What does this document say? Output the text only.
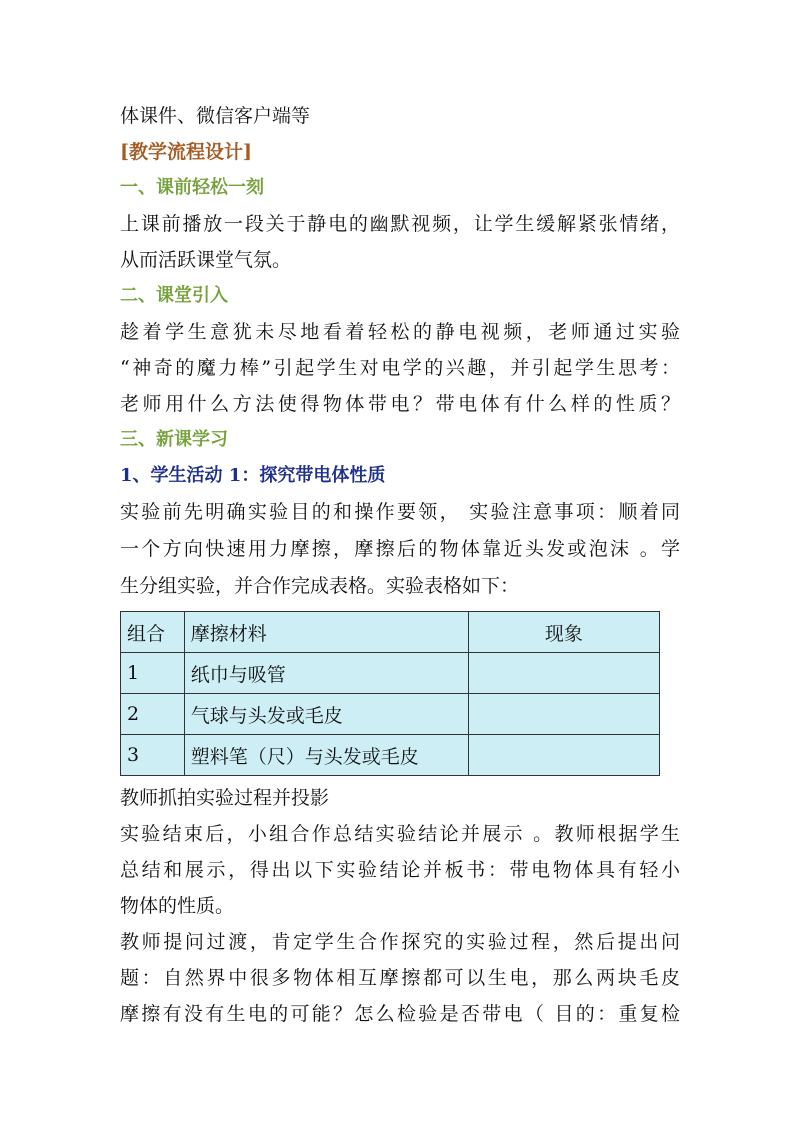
体课件、微信客户端等
[教学流程设计]
一、课前轻松一刻
上课前播放一段关于静电的幽默视频，让学生缓解紧张情绪，
从而活跃课堂气氛。
二、课堂引入
趁着学生意犹未尽地看着轻松的静电视频，老师通过实验
“神奇的魔力棒”引起学生对电学的兴趣，并引起学生思考：
老师用什么方法使得物体带电？带电体有什么样的性质？
三、新课学习
1、学生活动 1：探究带电体性质
实验前先明确实验目的和操作要领， 实验注意事项：顺着同
一个方向快速用力摩擦，摩擦后的物体靠近头发或泡沫 。学
生分组实验，并合作完成表格。实验表格如下：
组合	摩擦材料	现象
1	纸巾与吸管	
2	气球与头发或毛皮	
3	塑料笔（尺）与头发或毛皮	
教师抓拍实验过程并投影
实验结束后，小组合作总结实验结论并展示 。教师根据学生
总结和展示，得出以下实验结论并板书：带电物体具有轻小
物体的性质。
教师提问过渡，肯定学生合作探究的实验过程，然后提出问
题：自然界中很多物体相互摩擦都可以生电，那么两块毛皮
摩擦有没有生电的可能？怎么检验是否带电（ 目的：重复检
